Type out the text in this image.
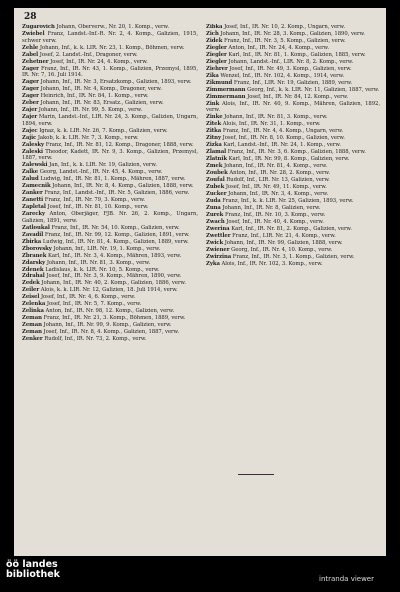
28

Zugarovich Johann, Oberverw., Nr. 20, 1. Komp., verw.

Zwiebel Franz, Landst.-Inf.-R. Nr. 2, 4. Komp., Galizien, 1915, schwer verw.

Zehle Johann, Inf., k. k. LIR. Nr. 23, 1. Komp., Böhmen, verw.

Zabel Josef, 2. Landst.-Inf., Dragoner, verw.

Zehetner Josef, Inf., IR. Nr. 24, 4. Komp., verw.

Zager Franz, Inf., IR. Nr. 43, 1. Komp., Galizien, Przemysl, 1895, IR. Nr. 7, 16. Juli 1914.

Zager Johann, Inf., IR. Nr. 3, Ersatzkomp., Galizien, 1893, verw.

Zager Johann, Inf., IR. Nr. 4, Komp., Dragoner, verw.

Zager Heinrich, Inf., IR. Nr. 84, 1. Komp., verw.

Zeber Johann, Inf., IR. Nr. 83, Ersatz., Galizien, verw.

Zajer Johann, Inf., IR. Nr. 99, 5. Komp., verw.

Zajer Marin, Landst.-Inf., LIR. Nr. 24, 3. Komp., Galizien, Ungarn, 1894, verw.

Zajec Ignaz, k. k. LIR. Nr. 26, 7. Komp., Galizien, verw.

Zajic Jakob, k. k. LIR. Nr. 7, 3. Komp., verw.

Zalesky Franz, Inf., IR. Nr. 81, 12. Komp., Dragoner, 1888, verw.

Zaleski Theodor, Kadett, IR. Nr. 9, 3. Komp., Galizien, Przemysl, 1887, verw.

Zalewski Jan, Inf., k. k. LIR. Nr. 19, Galizien, verw.

Zalke Georg, Landst.-Inf., IR. Nr. 45, 4. Komp., verw.

Zalud Ludwig, Inf., IR. Nr. 81, 1. Komp., Mähren, 1887, verw.

Zamecnik Johann, Inf., IR. Nr. 8, 4. Komp., Galizien, 1888, verw.

Zanker Franz, Inf., Landst.-Inf., IR. Nr. 5, Galizien, 1886, verw.

Zanetti Franz, Inf., IR. Nr. 79, 3. Komp., verw.

Zapletal Josef, Inf., IR. Nr. 81, 10. Komp., verw.

Zarecky Anton, Oberjäger, FJB. Nr. 26, 2. Komp., Ungarn, Galizien, 1891, verw.

Zatloukal Franz, Inf., IR. Nr. 54, 10. Komp., Galizien, verw.

Zavadil Franz, Inf., IR. Nr. 99, 12. Komp., Galizien, 1891, verw.

Zbirka Ludwig, Inf., IR. Nr. 81, 4. Komp., Galizien, 1889, verw.

Zborovsky Johann, Inf., LIR. Nr. 19, 1. Komp., verw.

Zbranek Karl, Inf., IR. Nr. 3, 4. Komp., Mähren, 1893, verw.

Zdarsky Johann, Inf., IR. Nr. 81, 3. Komp., verw.

Zdenek Ladislaus, k. k. LIR. Nr. 10, 5. Komp., verw.

Zdrahal Josef, Inf., IR. Nr. 3, 9. Komp., Mähren, 1890, verw.

Zedek Johann, Inf., IR. Nr. 40, 2. Komp., Galizien, 1886, verw.

Zeiler Alois, k. k. LIR. Nr. 12, Galizien, 18. Juli 1914, verw.

Zeisel Josef, Inf., IR. Nr. 4, 6. Komp., verw.

Zelenka Josef, Inf., IR. Nr. 5, 7. Komp., verw.

Zelinka Anton, Inf., IR. Nr. 98, 12. Komp., Galizien, verw.

Zeman Franz, Inf., IR. Nr. 21, 3. Komp., Böhmen, 1889, verw.

Zeman Johann, Inf., IR. Nr. 99, 9. Komp., Galizien, verw.

Zeman Josef, Inf., IR. Nr. 8, 4. Komp., Galizien, 1887, verw.

Zenker Rudolf, Inf., IR. Nr. 73, 2. Komp., verw.

Zibka Josef, Inf., IR. Nr. 10, 2. Komp., Ungarn, verw.

Zich Johann, Inf., IR. Nr. 28, 3. Komp., Galizien, 1890, verw.

Zidek Franz, Inf., IR. Nr. 3, 5. Komp., Galizien, verw.

Ziegler Anton, Inf., IR. Nr. 24, 4. Komp., verw.

Ziegler Karl, Inf., IR. Nr. 81, 1. Komp., Galizien, 1885, verw.

Ziegler Johann, Landst.-Inf., LIR. Nr. 8, 2. Komp., verw.

Ziehrer Josef, Inf., IR. Nr. 49, 3. Komp., Galizien, verw.

Zika Wenzel, Inf., IR. Nr. 102, 4. Komp., 1914, verw.

Zikmund Franz, Inf., LIR. Nr. 19, Galizien, 1889, verw.

Zimmermann Georg, Inf., k. k. LIR. Nr. 11, Galizien, 1887, verw.

Zimmermann Josef, Inf., IR. Nr. 84, 12. Komp., verw.

Zink Alois, Inf., IR. Nr. 40, 9. Komp., Mähren, Galizien, 1892, verw.

Zinke Johann, Inf., IR. Nr. 81, 3. Komp., verw.

Zitek Alois, Inf., IR. Nr. 31, 1. Komp., verw.

Zitka Franz, Inf., IR. Nr. 4, 4. Komp., Ungarn, verw.

Zitny Josef, Inf., IR. Nr. 8, 10. Komp., Galizien, verw.

Zizka Karl, Landst.-Inf., IR. Nr. 24, 1. Komp., verw.

Zlamal Franz, Inf., IR. Nr. 3, 6. Komp., Galizien, 1888, verw.

Zlatnik Karl, Inf., IR. Nr. 99, 8. Komp., Galizien, verw.

Zmek Johann, Inf., IR. Nr. 81, 4. Komp., verw.

Zoubek Anton, Inf., IR. Nr. 28, 2. Komp., verw.

Zoufal Rudolf, Inf., LIR. Nr. 13, Galizien, verw.

Zubek Josef, Inf., IR. Nr. 49, 11. Komp., verw.

Zucker Johann, Inf., IR. Nr. 3, 4. Komp., verw.

Zuda Franz, Inf., k. k. LIR. Nr. 25, Galizien, 1893, verw.

Zuna Johann, Inf., IR. Nr. 8, Galizien, verw.

Zurek Franz, Inf., IR. Nr. 10, 3. Komp., verw.

Zwach Josef, Inf., IR. Nr. 40, 4. Komp., verw.

Zwerina Karl, Inf., IR. Nr. 81, 2. Komp., Galizien, verw.

Zwettler Franz, Inf., LIR. Nr. 21, 4. Komp., verw.

Zwick Johann, Inf., IR. Nr. 99, Galizien, 1888, verw.

Zwiener Georg, Inf., IR. Nr. 4, 10. Komp., verw.

Zwirzina Franz, Inf., IR. Nr. 3, 1. Komp., Galizien, verw.

Zyka Alois, Inf., IR. Nr. 102, 3. Komp., verw.

öö landes
bibliothek	intranda viewer
